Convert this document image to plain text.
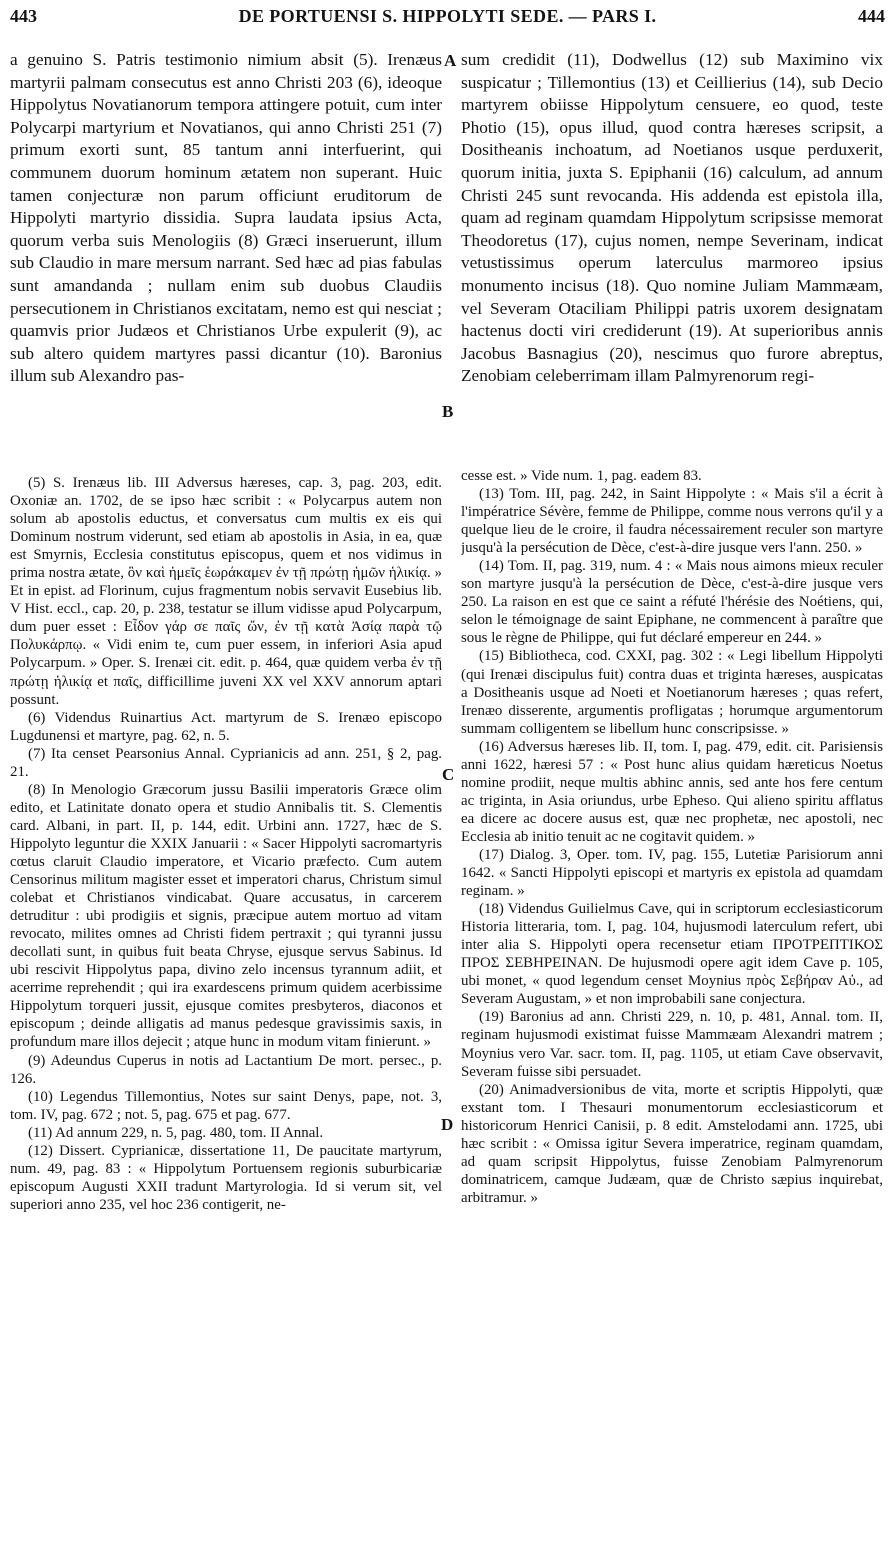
443	DE PORTUENSI S. HIPPOLYTI SEDE. — PARS I.	444

a genuino S. Patris testimonio nimium absit (5). Irenæus martyrii palmam consecutus est anno Christi 203 (6), ideoque Hippolytus Novatianorum tempora attingere potuit, cum inter Polycarpi martyrium et Novatianos, qui anno Christi 251 (7) primum exorti sunt, 85 tantum anni interfuerint, qui communem duorum hominum ætatem non superant. Huic tamen conjecturæ non parum officiunt eruditorum de Hippolyti martyrio dissidia. Supra laudata ipsius Acta, quorum verba suis Menologiis (8) Græci inseruerunt, illum sub Claudio in mare mersum narrant. Sed hæc ad pias fabulas sunt amandanda ; nullam enim sub duobus Claudiis persecutionem in Christianos excitatam, nemo est qui nesciat ; quamvis prior Judæos et Christianos Urbe expulerit (9), ac sub altero quidem martyres passi dicantur (10). Baronius illum sub Alexandro pas-

sum credidit (11), Dodwellus (12) sub Maximino vix suspicatur ; Tillemontius (13) et Ceillierius (14), sub Decio martyrem obiisse Hippolytum censuere, eo quod, teste Photio (15), opus illud, quod contra hæreses scripsit, a Dositheanis inchoatum, ad Noetianos usque perduxerit, quorum initia, juxta S. Epiphanii (16) calculum, ad annum Christi 245 sunt revocanda. His addenda est epistola illa, quam ad reginam quamdam Hippolytum scripsisse memorat Theodoretus (17), cujus nomen, nempe Severinam, indicat vetustissimus operum laterculus marmoreo ipsius monumento incisus (18). Quo nomine Juliam Mammæam, vel Severam Otaciliam Philippi patris uxorem designatam hactenus docti viri crediderunt (19). At superioribus annis Jacobus Basnagius (20), nescimus quo furore abreptus, Zenobiam celeberrimam illam Palmyrenorum regi-

A
B
C
D

(5) S. Irenæus lib. III Adversus hæreses, cap. 3, pag. 203, edit. Oxoniæ an. 1702, de se ipso hæc scribit : « Polycarpus autem non solum ab apostolis eductus, et conversatus cum multis ex eis qui Dominum nostrum viderunt, sed etiam ab apostolis in Asia, in ea, quæ est Smyrnis, Ecclesia constitutus episcopus, quem et nos vidimus in prima nostra ætate, ὃν καὶ ἡμεῖς ἑωράκαμεν ἐν τῇ πρώτῃ ἡμῶν ἡλικίᾳ. » Et in epist. ad Florinum, cujus fragmentum nobis servavit Eusebius lib. V Hist. eccl., cap. 20, p. 238, testatur se illum vidisse apud Polycarpum, dum puer esset : Εἶδον γάρ σε παῖς ὤν, ἐν τῇ κατὰ Ἀσίᾳ παρὰ τῷ Πολυκάρπῳ. « Vidi enim te, cum puer essem, in inferiori Asia apud Polycarpum. » Oper. S. Irenæi cit. edit. p. 464, quæ quidem verba ἐν τῇ πρώτῃ ἡλικίᾳ et παῖς, difficillime juveni XX vel XXV annorum aptari possunt.

(6) Videndus Ruinartius Act. martyrum de S. Irenæo episcopo Lugdunensi et martyre, pag. 62, n. 5.

(7) Ita censet Pearsonius Annal. Cyprianicis ad ann. 251, § 2, pag. 21.

(8) In Menologio Græcorum jussu Basilii imperatoris Græce olim edito, et Latinitate donato opera et studio Annibalis tit. S. Clementis card. Albani, in part. II, p. 144, edit. Urbini ann. 1727, hæc de S. Hippolyto leguntur die XXIX Januarii : « Sacer Hippolyti sacromartyris cœtus claruit Claudio imperatore, et Vicario præfecto. Cum autem Censorinus militum magister esset et imperatori charus, Christum simul colebat et Christianos vindicabat. Quare accusatus, in carcerem detruditur : ubi prodigiis et signis, præcipue autem mortuo ad vitam revocato, milites omnes ad Christi fidem pertraxit ; qui tyranni jussu decollati sunt, in quibus fuit beata Chryse, ejusque servus Sabinus. Id ubi rescivit Hippolytus papa, divino zelo incensus tyrannum adiit, et acerrime reprehendit ; qui ira exardescens primum quidem acerbissime Hippolytum torqueri jussit, ejusque comites presbyteros, diaconos et episcopum ; deinde alligatis ad manus pedesque gravissimis saxis, in profundum mare illos dejecit ; atque hunc in modum vitam finierunt. »

(9) Adeundus Cuperus in notis ad Lactantium De mort. persec., p. 126.

(10) Legendus Tillemontius, Notes sur saint Denys, pape, not. 3, tom. IV, pag. 672 ; not. 5, pag. 675 et pag. 677.

(11) Ad annum 229, n. 5, pag. 480, tom. II Annal.

(12) Dissert. Cyprianicæ, dissertatione 11, De paucitate martyrum, num. 49, pag. 83 : « Hippolytum Portuensem regionis suburbicariæ episcopum Augusti XXII tradunt Martyrologia. Id si verum sit, vel superiori anno 235, vel hoc 236 contigerit, ne-

cesse est. » Vide num. 1, pag. eadem 83.

(13) Tom. III, pag. 242, in Saint Hippolyte : « Mais s'il a écrit à l'impératrice Sévère, femme de Philippe, comme nous verrons qu'il y a quelque lieu de le croire, il faudra nécessairement reculer son martyre jusqu'à la persécution de Dèce, c'est-à-dire jusque vers l'ann. 250. »

(14) Tom. II, pag. 319, num. 4 : « Mais nous aimons mieux reculer son martyre jusqu'à la persécution de Dèce, c'est-à-dire jusque vers 250. La raison en est que ce saint a réfuté l'hérésie des Noétiens, qui, selon le témoignage de saint Epiphane, ne commencent à paraître que sous le règne de Philippe, qui fut déclaré empereur en 244. »

(15) Bibliotheca, cod. CXXI, pag. 302 : « Legi libellum Hippolyti (qui Irenæi discipulus fuit) contra duas et triginta hæreses, auspicatas a Dositheanis usque ad Noeti et Noetianorum hæreses ; quas refert, Irenæo disserente, argumentis profligatas ; horumque argumentorum summam colligentem se libellum hunc conscripsisse. »

(16) Adversus hæreses lib. II, tom. I, pag. 479, edit. cit. Parisiensis anni 1622, hæresi 57 : « Post hunc alius quidam hæreticus Noetus nomine prodiit, neque multis abhinc annis, sed ante hos fere centum ac triginta, in Asia oriundus, urbe Epheso. Qui alieno spiritu afflatus ea dicere ac docere ausus est, quæ nec prophetæ, nec apostoli, nec Ecclesia ab initio tenuit ac ne cogitavit quidem. »

(17) Dialog. 3, Oper. tom. IV, pag. 155, Lutetiæ Parisiorum anni 1642. « Sancti Hippolyti episcopi et martyris ex epistola ad quamdam reginam. »

(18) Videndus Guilielmus Cave, qui in scriptorum ecclesiasticorum Historia litteraria, tom. I, pag. 104, hujusmodi laterculum refert, ubi inter alia S. Hippolyti opera recensetur etiam ΠΡΟΤΡΕΠΤΙΚΟΣ ΠΡΟΣ ΣΕΒΗΡΕΙΝΑΝ. De hujusmodi opere agit idem Cave p. 105, ubi monet, « quod legendum censet Moynius πρὸς Σεβήραν Αὐ., ad Severam Augustam, » et non improbabili sane conjectura.

(19) Baronius ad ann. Christi 229, n. 10, p. 481, Annal. tom. II, reginam hujusmodi existimat fuisse Mammæam Alexandri matrem ; Moynius vero Var. sacr. tom. II, pag. 1105, ut etiam Cave observavit, Severam fuisse sibi persuadet.

(20) Animadversionibus de vita, morte et scriptis Hippolyti, quæ exstant tom. I Thesauri monumentorum ecclesiasticorum et historicorum Henrici Canisii, p. 8 edit. Amstelodami ann. 1725, ubi hæc scribit : « Omissa igitur Severa imperatrice, reginam quamdam, ad quam scripsit Hippolytus, fuisse Zenobiam Palmyrenorum dominatricem, camque Judæam, quæ de Christo sæpius inquirebat, arbitramur. »
